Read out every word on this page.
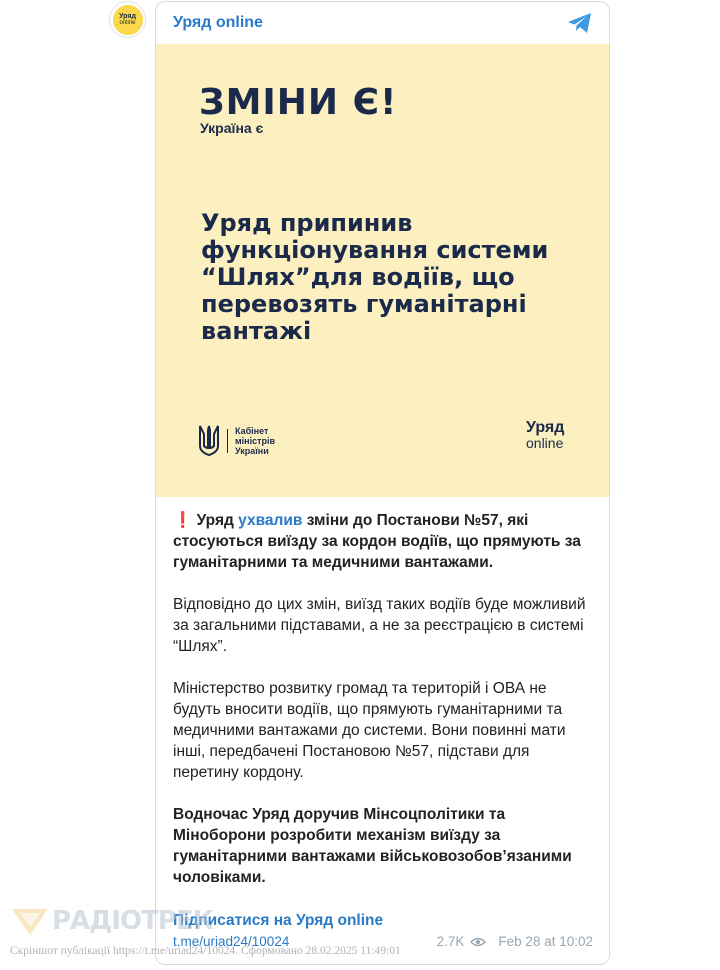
Уряд
online Уряд online
ЗМІНИ Є!
Україна є
Уряд припинив функціонування системи “Шлях”для водіїв, що перевозять гуманітарні вантажі
Кабінет
міністрів
України
Уряд
online

❗ Уряд ухвалив зміни до Постанови №57, які стосуються виїзду за кордон водіїв, що прямують за гуманітарними та медичними вантажами.

Відповідно до цих змін, виїзд таких водіїв буде можливий за загальними підставами, а не за реєстрацією в системі “Шлях”.

Міністерство розвитку громад та територій і ОВА не будуть вносити водіїв, що прямують гуманітарними та медичними вантажами до системи. Вони повинні мати інші, передбачені Постановою №57, підстави для перетину кордону.

Водночас Уряд доручив Мінсоцполітики та Міноборони розробити механізм виїзду за гуманітарними вантажами військовозобов’язаними чоловіками.

Підписатися на Уряд online
t.me/uriad24/10024	2.7K	Feb 28 at 10:02
РАДІОТРЕК
Скріншот публікації https://t.me/uriad24/10024. Сформовано 28.02.2025 11:49:01
